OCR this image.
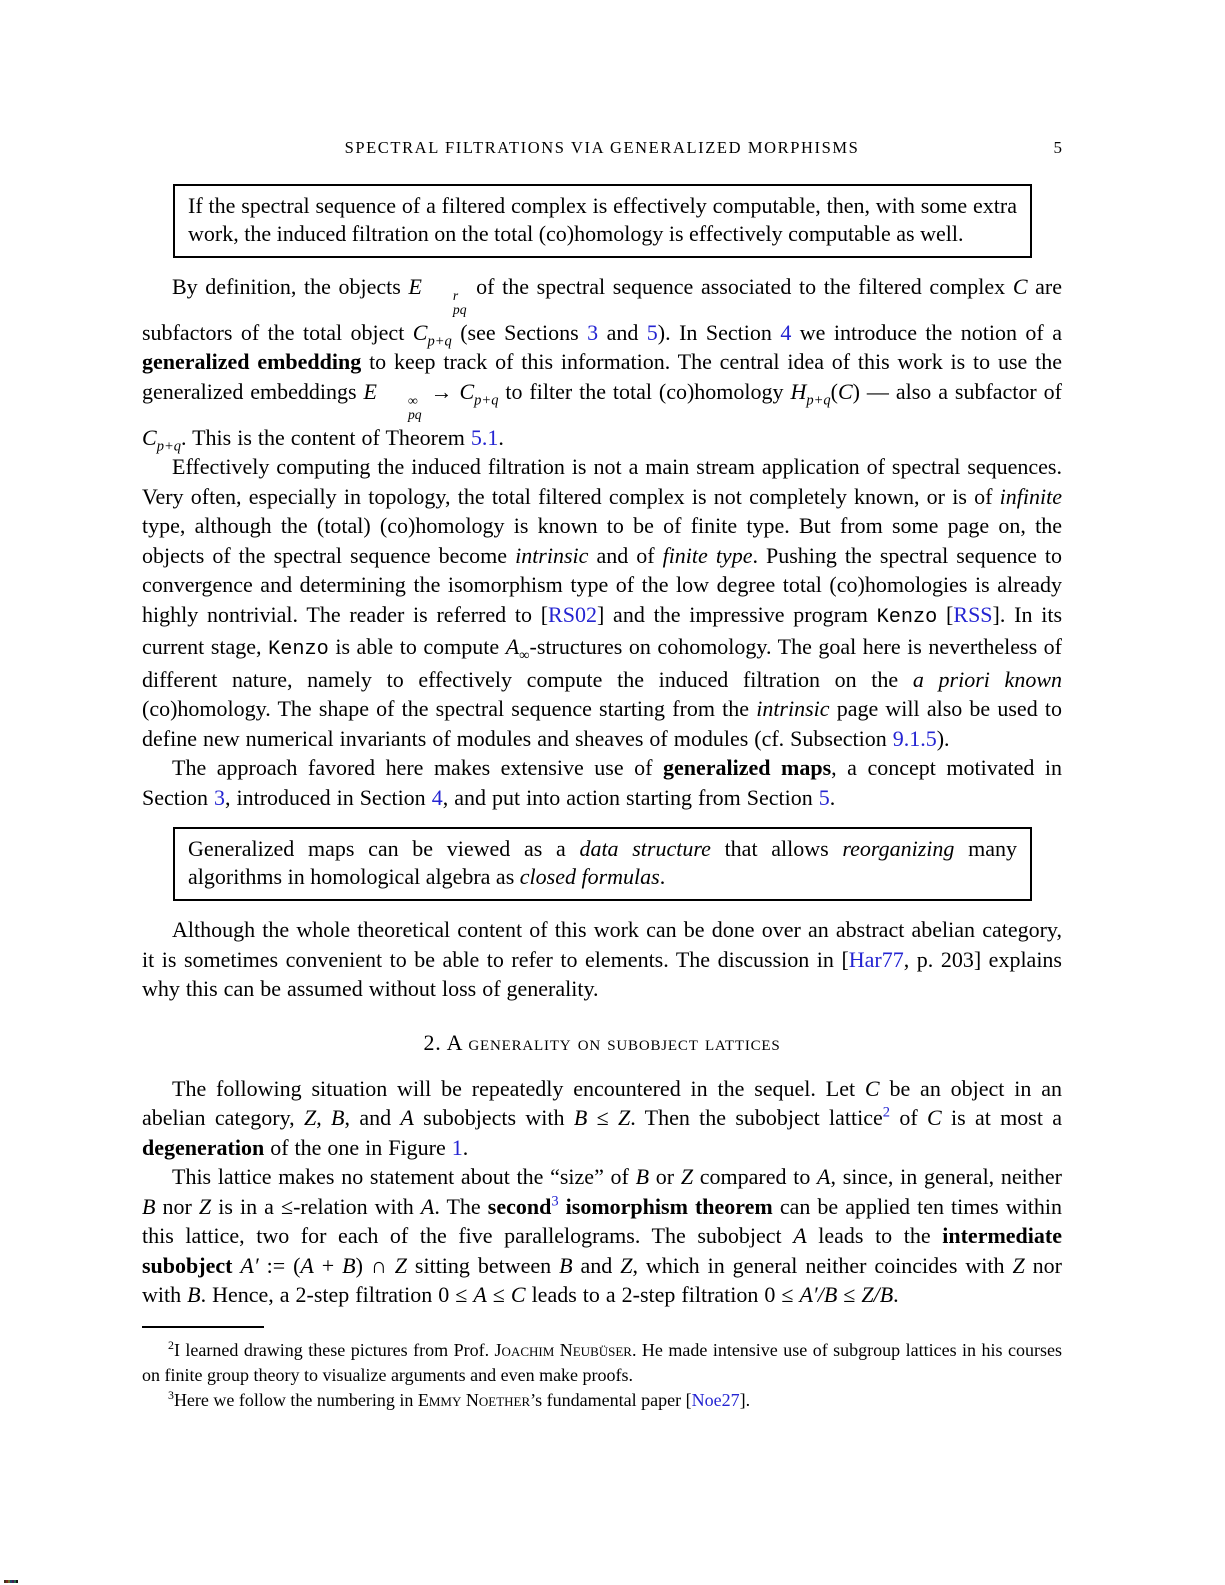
SPECTRAL FILTRATIONS VIA GENERALIZED MORPHISMS	5
If the spectral sequence of a filtered complex is effectively computable, then, with some extra work, the induced filtration on the total (co)homology is effectively computable as well.
By definition, the objects E	r
pq
of the spectral sequence associated to the filtered complex C are subfactors of the total object $C_{p+q}$ (see Sections 3 and 5). In Section 4 we introduce the notion of a generalized embedding to keep track of this information. The central idea of this work is to use the generalized embeddings E	∞
pq
→ $C_{p+q}$ to filter the total (co)homology $H_{p+q}(C)$ — also a subfactor of $C_{p+q}$. This is the content of Theorem 5.1.
Effectively computing the induced filtration is not a main stream application of spectral sequences. Very often, especially in topology, the total filtered complex is not completely known, or is of infinite type, although the (total) (co)homology is known to be of finite type. But from some page on, the objects of the spectral sequence become intrinsic and of finite type. Pushing the spectral sequence to convergence and determining the isomorphism type of the low degree total (co)homologies is already highly nontrivial. The reader is referred to [RS02] and the impressive program Kenzo [RSS]. In its current stage, Kenzo is able to compute $A_\infty$-structures on cohomology. The goal here is nevertheless of different nature, namely to effectively compute the induced filtration on the a priori known (co)homology. The shape of the spectral sequence starting from the intrinsic page will also be used to define new numerical invariants of modules and sheaves of modules (cf. Subsection 9.1.5).
The approach favored here makes extensive use of generalized maps, a concept motivated in Section 3, introduced in Section 4, and put into action starting from Section 5.
Generalized maps can be viewed as a data structure that allows reorganizing many algorithms in homological algebra as closed formulas.
Although the whole theoretical content of this work can be done over an abstract abelian category, it is sometimes convenient to be able to refer to elements. The discussion in [Har77, p. 203] explains why this can be assumed without loss of generality.
2. A generality on subobject lattices
The following situation will be repeatedly encountered in the sequel. Let C be an object in an abelian category, Z, B, and A subobjects with B ≤ Z. Then the subobject lattice$^2$ of C is at most a degeneration of the one in Figure 1.
This lattice makes no statement about the “size” of B or Z compared to A, since, in general, neither B nor Z is in a ≤-relation with A. The second$^3$ isomorphism theorem can be applied ten times within this lattice, two for each of the five parallelograms. The subobject A leads to the intermediate subobject A′ := (A + B) ∩ Z sitting between B and Z, which in general neither coincides with Z nor with B. Hence, a 2-step filtration 0 ≤ A ≤ C leads to a 2-step filtration 0 ≤ A′/B ≤ Z/B.
$^2$I learned drawing these pictures from Prof. Joachim Neubüser. He made intensive use of subgroup lattices in his courses on finite group theory to visualize arguments and even make proofs.
$^3$Here we follow the numbering in Emmy Noether’s fundamental paper [Noe27].
